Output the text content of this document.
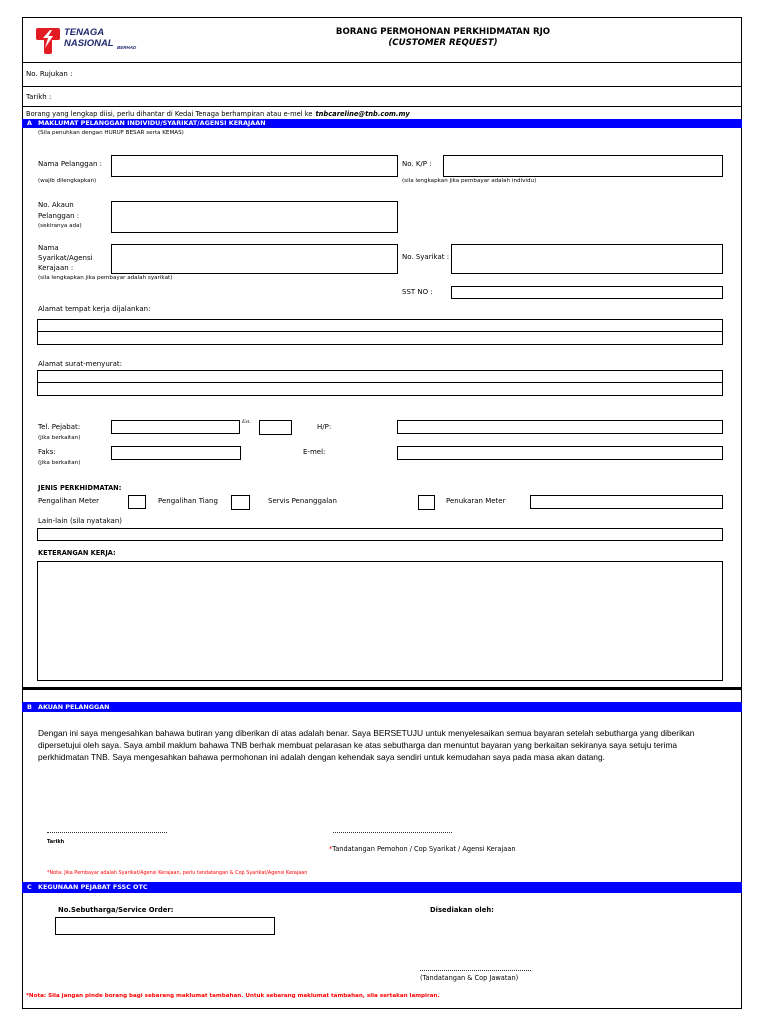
TENAGA
NASIONAL BERHAD
BORANG PERMOHONAN PERKHIDMATAN RJO
(CUSTOMER REQUEST)
No. Rujukan :
Tarikh :
Borang yang lengkap diisi, perlu dihantar di Kedai Tenaga berhampiran atau e-mel ke tnbcareline@tnb.com.my
A MAKLUMAT PELANGGAN INDIVIDU/SYARIKAT/AGENSI KERAJAAN
(Sila penuhkan dengan HURUF BESAR serta KEMAS)
Nama Pelanggan :
(wajib dilengkapkan)
No. K/P :
(sila lengkapkan jika pembayar adalah individu)
No. Akaun
Pelanggan :
(sekiranya ada)
Nama
Syarikat/Agensi
Kerajaan :
(sila lengkapkan jika pembayar adalah syarikat)
No. Syarikat :
SST NO :
Alamat tempat kerja dijalankan:
Alamat surat-menyurat:
Tel. Pejabat:
Ext.
H/P:
(jika berkaitan)
Faks:	E-mel:
(jika berkaitan)
JENIS PERKHIDMATAN:
Pengalihan Meter	Pengalihan Tiang	Servis Penanggalan	Penukaran Meter
Lain-lain (sila nyatakan)
KETERANGAN KERJA:
B AKUAN PELANGGAN
Dengan ini saya mengesahkan bahawa butiran yang diberikan di atas adalah benar. Saya BERSETUJU untuk menyelesaikan semua bayaran setelah sebutharga yang diberikan dipersetujui oleh saya. Saya ambil maklum bahawa TNB berhak membuat pelarasan ke atas sebutharga dan menuntut bayaran yang berkaitan sekiranya saya setuju terima perkhidmatan TNB. Saya mengesahkan bahawa permohonan ini adalah dengan kehendak saya sendiri untuk kemudahan saya pada masa akan datang.
Tarikh
*Tandatangan Pemohon / Cop Syarikat / Agensi Kerajaan
*Nota: Jika Pembayar adalah Syarikat/Agensi Kerajaan, perlu tandatangan & Cop Syarikat/Agensi Kerajaan
C KEGUNAAN PEJABAT FSSC OTC
No.Sebutharga/Service Order:	Disediakan oleh:
(Tandatangan & Cop Jawatan)
*Nota: Sila jangan pinde borang bagi sebarang maklumat tambahan. Untuk sebarang maklumat tambahan, sila sertakan lampiran.
